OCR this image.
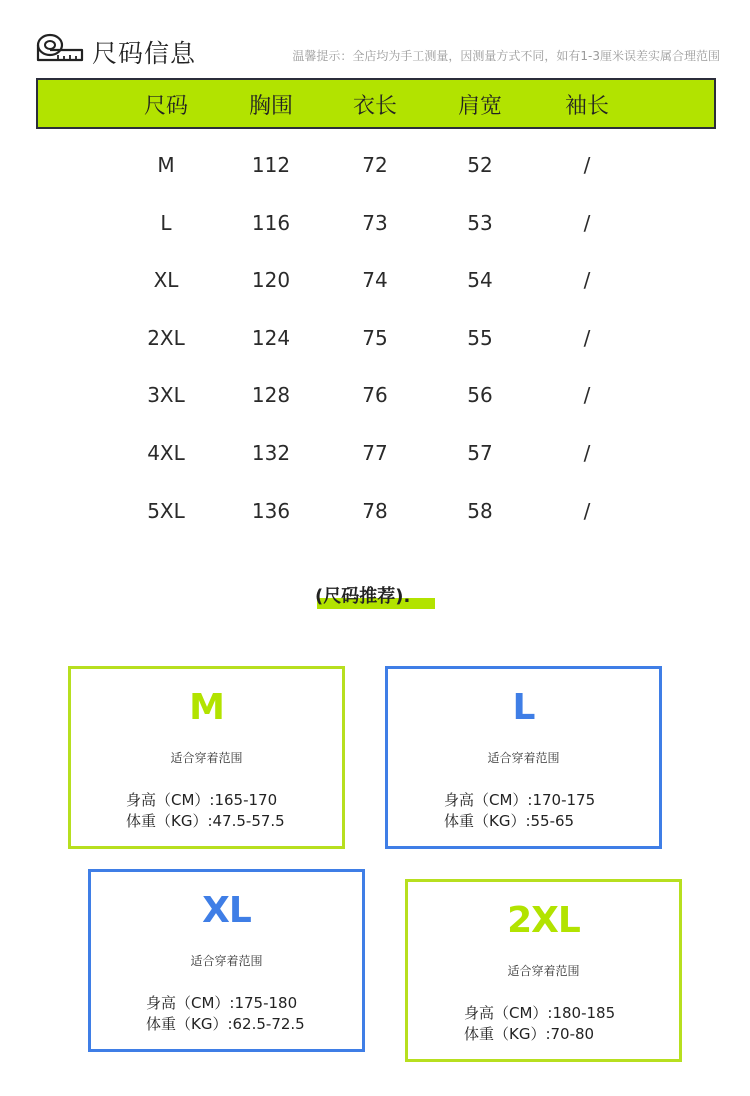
尺码信息	温馨提示：全店均为手工测量，因测量方式不同，如有1-3厘米误差实属合理范围
尺码	胸围	衣长	肩宽	袖长
M	112	72	52	/
L	116	73	53	/
XL	120	74	54	/
2XL	124	75	55	/
3XL	128	76	56	/
4XL	132	77	57	/
5XL	136	78	58	/
(尺码推荐).
M
适合穿着范围
身高（CM）:165-170
体重（KG）:47.5-57.5
L
适合穿着范围
身高（CM）:170-175
体重（KG）:55-65
XL
适合穿着范围
身高（CM）:175-180
体重（KG）:62.5-72.5
2XL
适合穿着范围
身高（CM）:180-185
体重（KG）:70-80
